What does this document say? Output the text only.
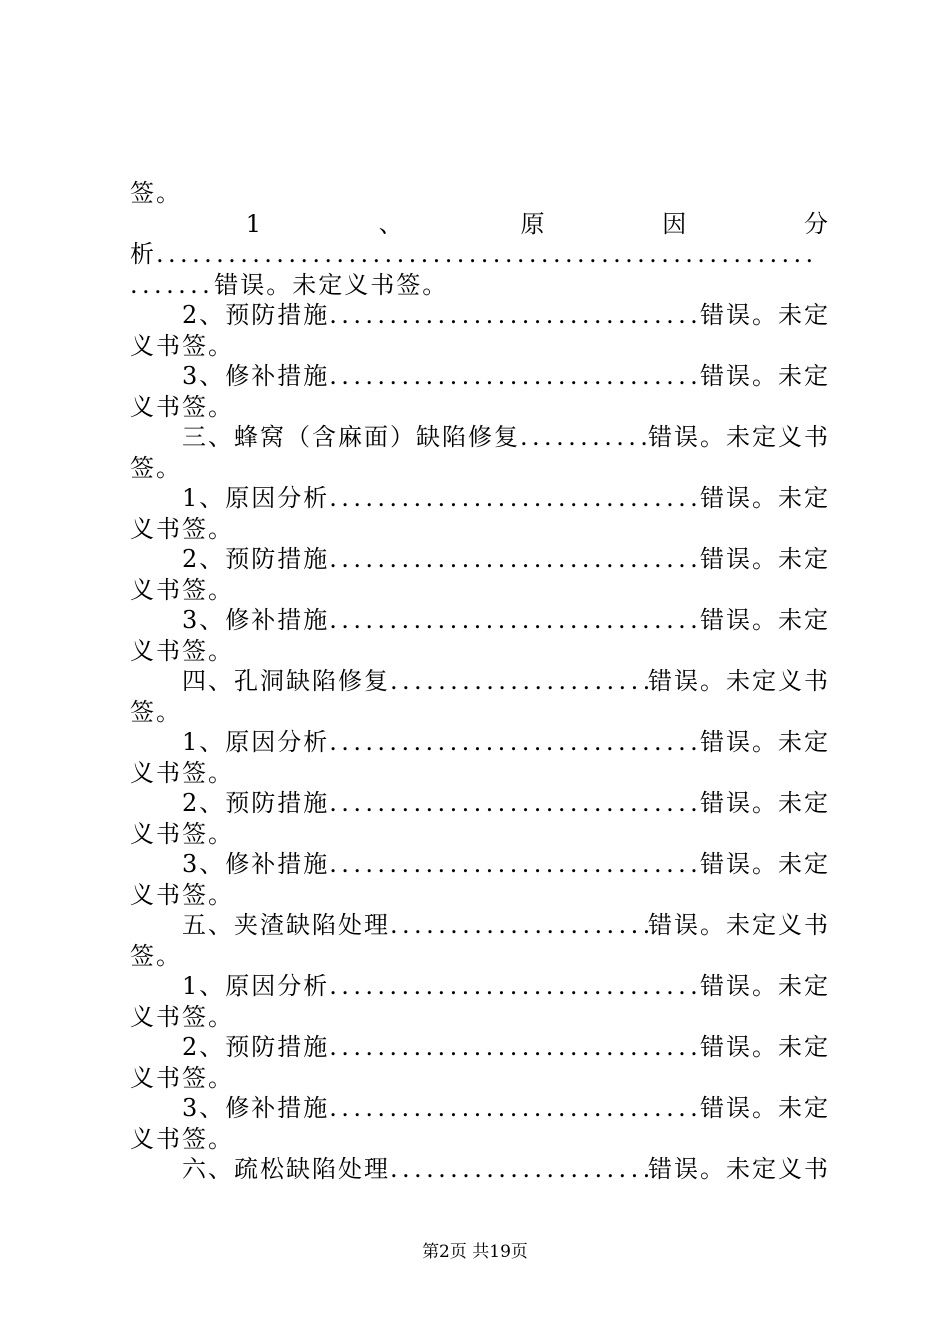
签。
1	、	原	因	分
析.......................................................
.......错误。未定义书签。
2、预防措施 .....	错误。未定
义书签。
3、修补措施 .....	错误。未定
义书签。
三、蜂窝（含麻面）缺陷修复 .....	错误。未定义书
签。
1、原因分析 .....	错误。未定
义书签。
2、预防措施 .....	错误。未定
义书签。
3、修补措施 .....	错误。未定
义书签。
四、孔洞缺陷修复 .....	错误。未定义书
签。
1、原因分析 .....	错误。未定
义书签。
2、预防措施 .....	错误。未定
义书签。
3、修补措施 .....	错误。未定
义书签。
五、夹渣缺陷处理 .....	错误。未定义书
签。
1、原因分析 .....	错误。未定
义书签。
2、预防措施 .....	错误。未定
义书签。
3、修补措施 .....	错误。未定
义书签。
六、疏松缺陷处理 .....	错误。未定义书
第2页 共19页
